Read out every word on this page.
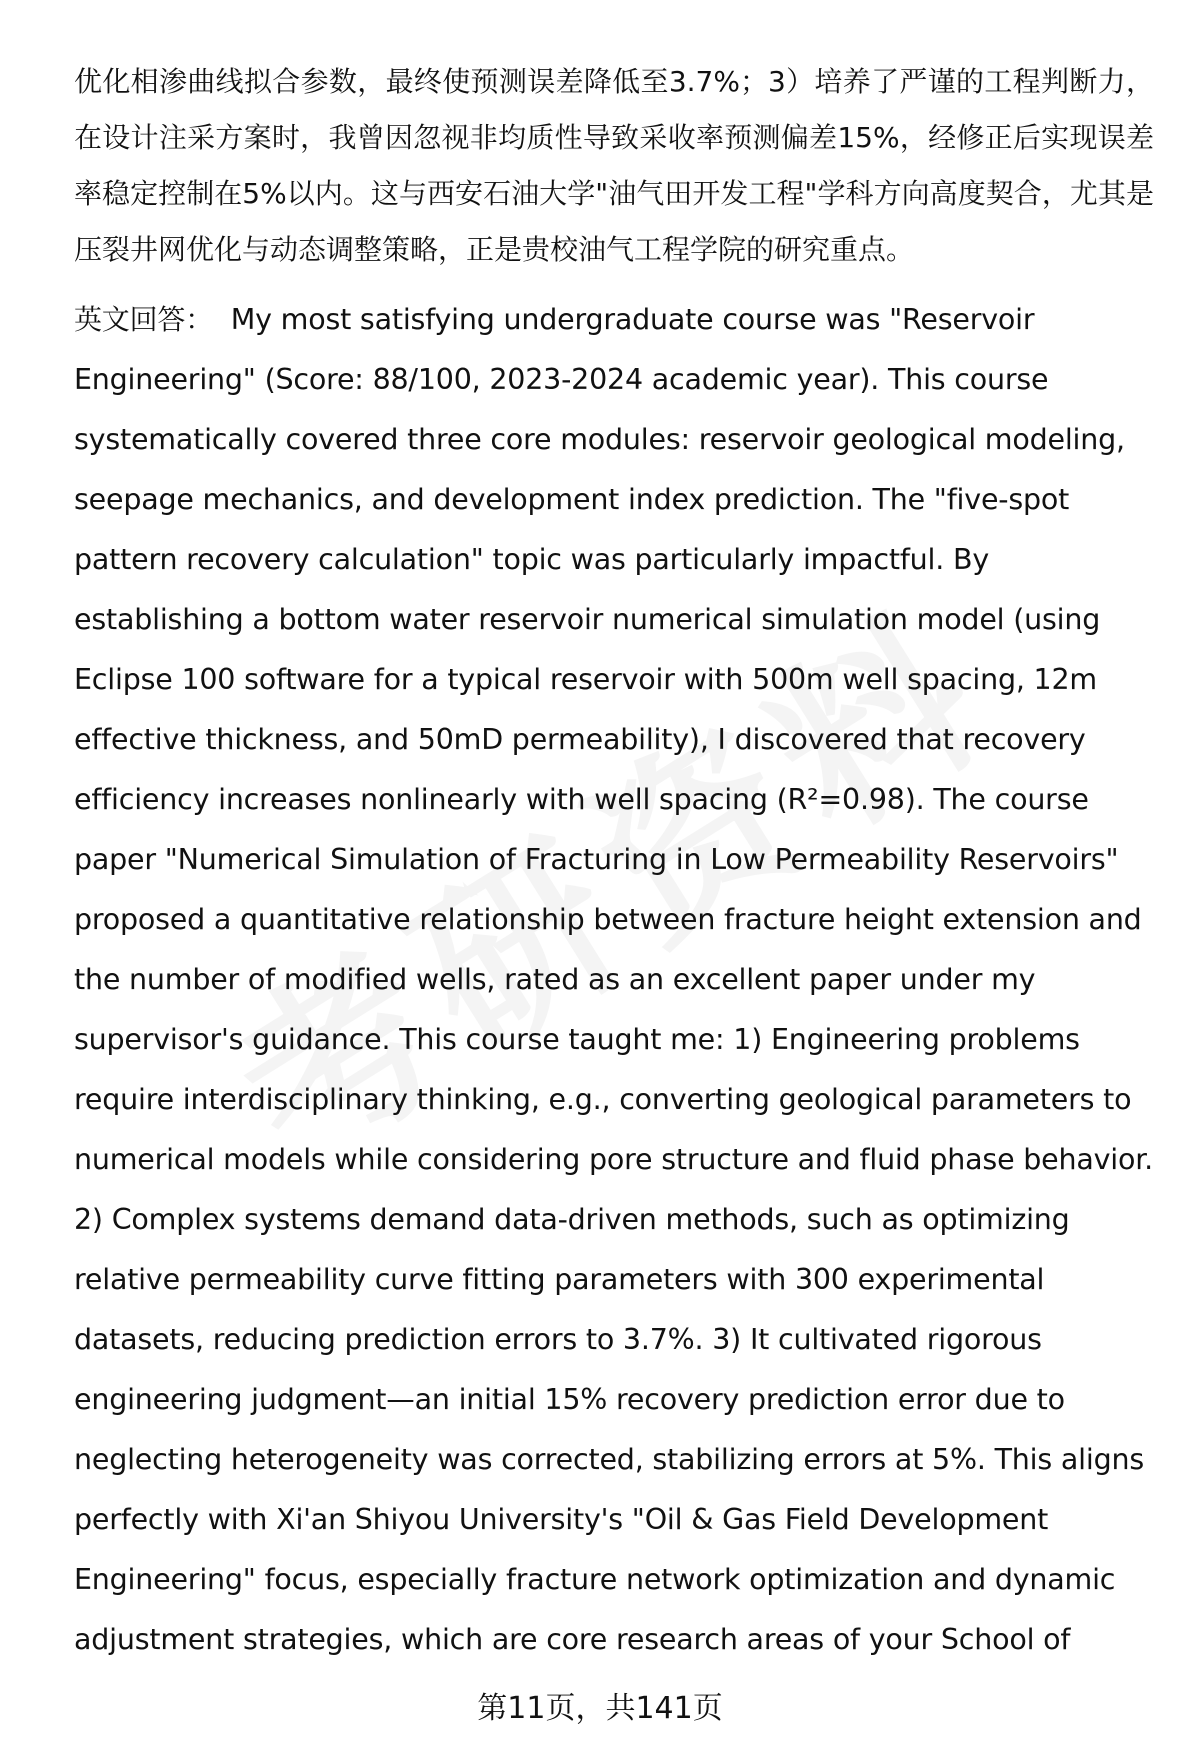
优化相渗曲线拟合参数，最终使预测误差降低至3.7%；3）培养了严谨的工程判断力，在设计注采方案时，我曾因忽视非均质性导致采收率预测偏差15%，经修正后实现误差率稳定控制在5%以内。这与西安石油大学"油气田开发工程"学科方向高度契合，尤其是压裂井网优化与动态调整策略，正是贵校油气工程学院的研究重点。

英文回答： My most satisfying undergraduate course was "Reservoir Engineering" (Score: 88/100, 2023-2024 academic year). This course systematically covered three core modules: reservoir geological modeling, seepage mechanics, and development index prediction. The "five-spot pattern recovery calculation" topic was particularly impactful. By establishing a bottom water reservoir numerical simulation model (using Eclipse 100 software for a typical reservoir with 500m well spacing, 12m effective thickness, and 50mD permeability), I discovered that recovery efficiency increases nonlinearly with well spacing (R²=0.98). The course paper "Numerical Simulation of Fracturing in Low Permeability Reservoirs" proposed a quantitative relationship between fracture height extension and the number of modified wells, rated as an excellent paper under my supervisor's guidance. This course taught me: 1) Engineering problems require interdisciplinary thinking, e.g., converting geological parameters to numerical models while considering pore structure and fluid phase behavior. 2) Complex systems demand data-driven methods, such as optimizing relative permeability curve fitting parameters with 300 experimental datasets, reducing prediction errors to 3.7%. 3) It cultivated rigorous engineering judgment—an initial 15% recovery prediction error due to neglecting heterogeneity was corrected, stabilizing errors at 5%. This aligns perfectly with Xi'an Shiyou University's "Oil & Gas Field Development Engineering" focus, especially fracture network optimization and dynamic adjustment strategies, which are core research areas of your School of

第11页，共141页
